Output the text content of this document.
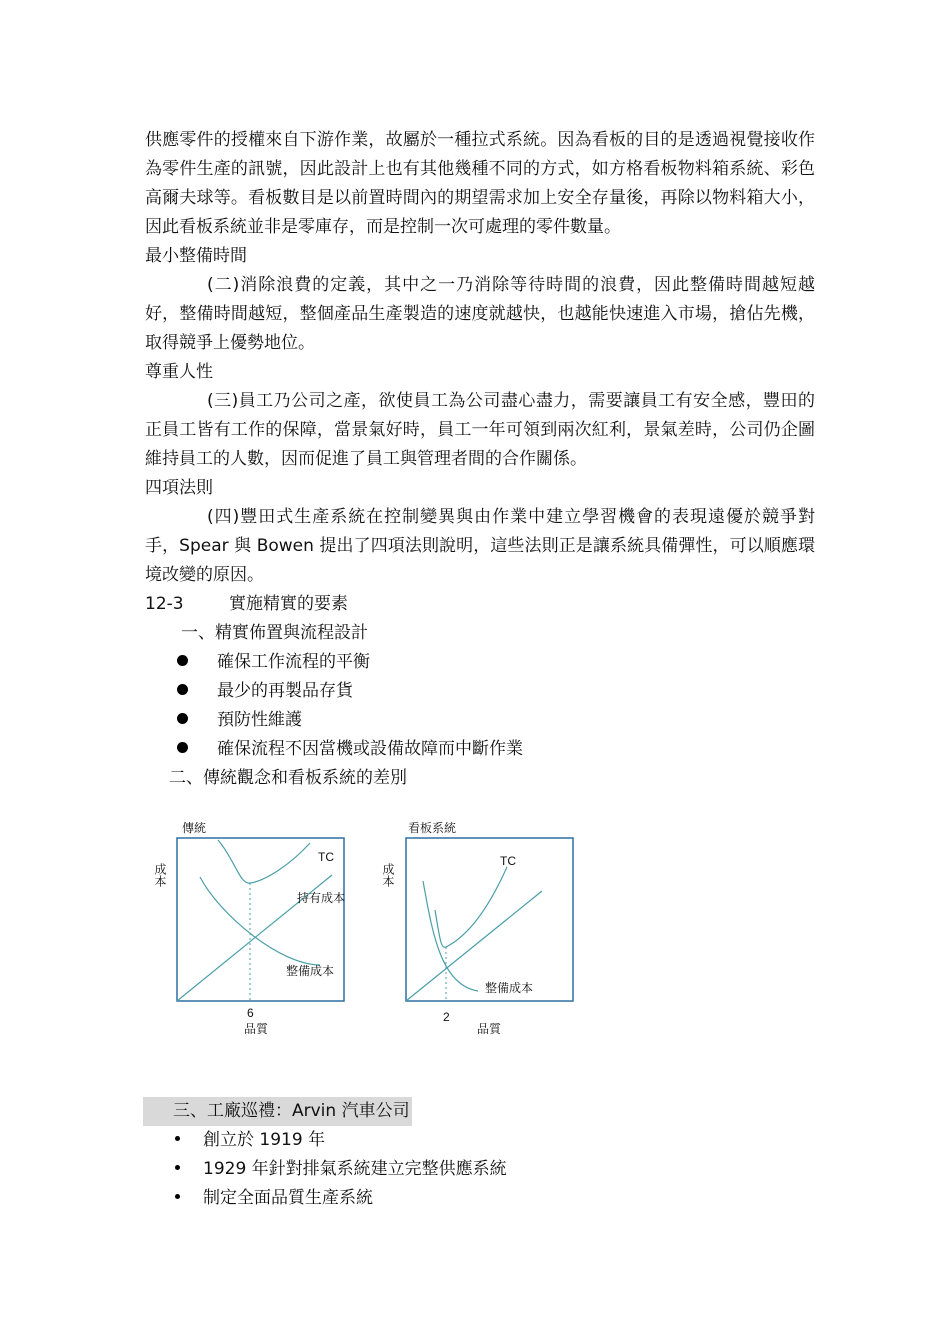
供應零件的授權來自下游作業，故屬於一種拉式系統。因為看板的目的是透過視覺接收作為零件生產的訊號，因此設計上也有其他幾種不同的方式，如方格看板物料箱系統、彩色高爾夫球等。看板數目是以前置時間內的期望需求加上安全存量後，再除以物料箱大小，因此看板系統並非是零庫存，而是控制一次可處理的零件數量。

最小整備時間

(二)消除浪費的定義，其中之一乃消除等待時間的浪費，因此整備時間越短越好，整備時間越短，整個產品生產製造的速度就越快，也越能快速進入市場，搶佔先機，取得競爭上優勢地位。

尊重人性

(三)員工乃公司之產，欲使員工為公司盡心盡力，需要讓員工有安全感，豐田的正員工皆有工作的保障，當景氣好時，員工一年可領到兩次紅利，景氣差時，公司仍企圖維持員工的人數，因而促進了員工與管理者間的合作關係。

四項法則

(四)豐田式生產系統在控制變異與由作業中建立學習機會的表現遠優於競爭對手，Spear 與 Bowen 提出了四項法則說明，這些法則正是讓系統具備彈性，可以順應環境改變的原因。

12-3	實施精實的要素

一、精實佈置與流程設計

確保工作流程的平衡
最少的再製品存貨
預防性維護
確保流程不因當機或設備故障而中斷作業

二、傳統觀念和看板系統的差別

傳統
成本
TC
持有成本
整備成本
6
品質
看板系統
成本
TC
整備成本
2
品質

三、工廠巡禮：Arvin 汽車公司

創立於 1919 年
1929 年針對排氣系統建立完整供應系統
制定全面品質生產系統
